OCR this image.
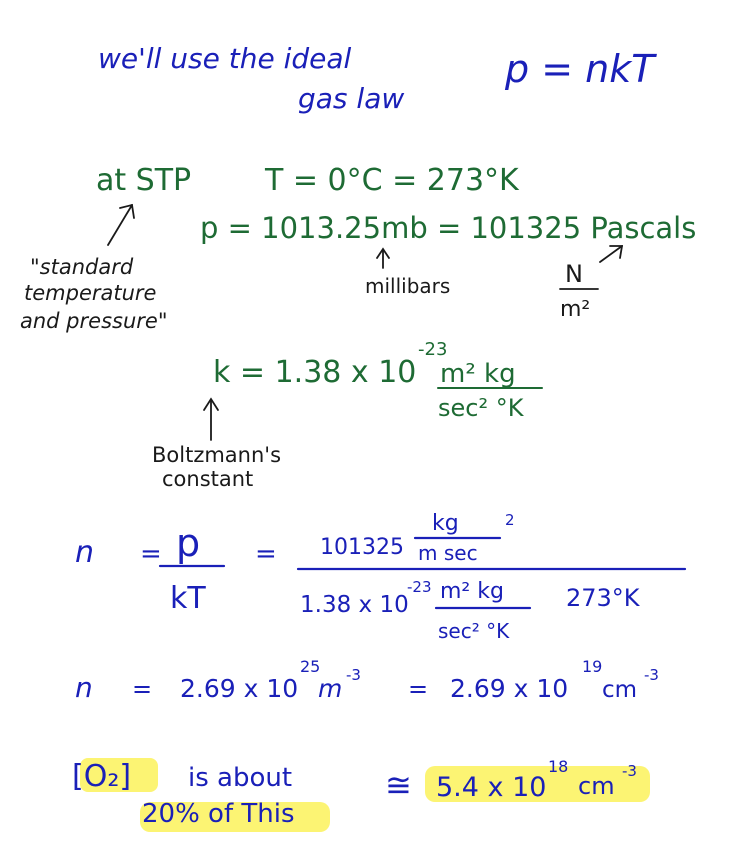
we'll use the ideal
gas law
p = nkT
at STP T = 0°C = 273°K
p = 1013.25mb = 101325 Pascals
"standard
temperature
and pressure"
millibars	N
m²
k = 1.38 x 10
-23
m² kg
sec² °K
Boltzmann's
constant
n = p
kT
= 101325
kg
m sec
2
1.38 x 10
-23 m² kg
sec² °K
273°K
n = 2.69 x 10
25
m -3 = 2.69 x 10
19
cm
-3
[O₂] is about
20% of This
≅ 5.4 x 10
18
cm
-3
